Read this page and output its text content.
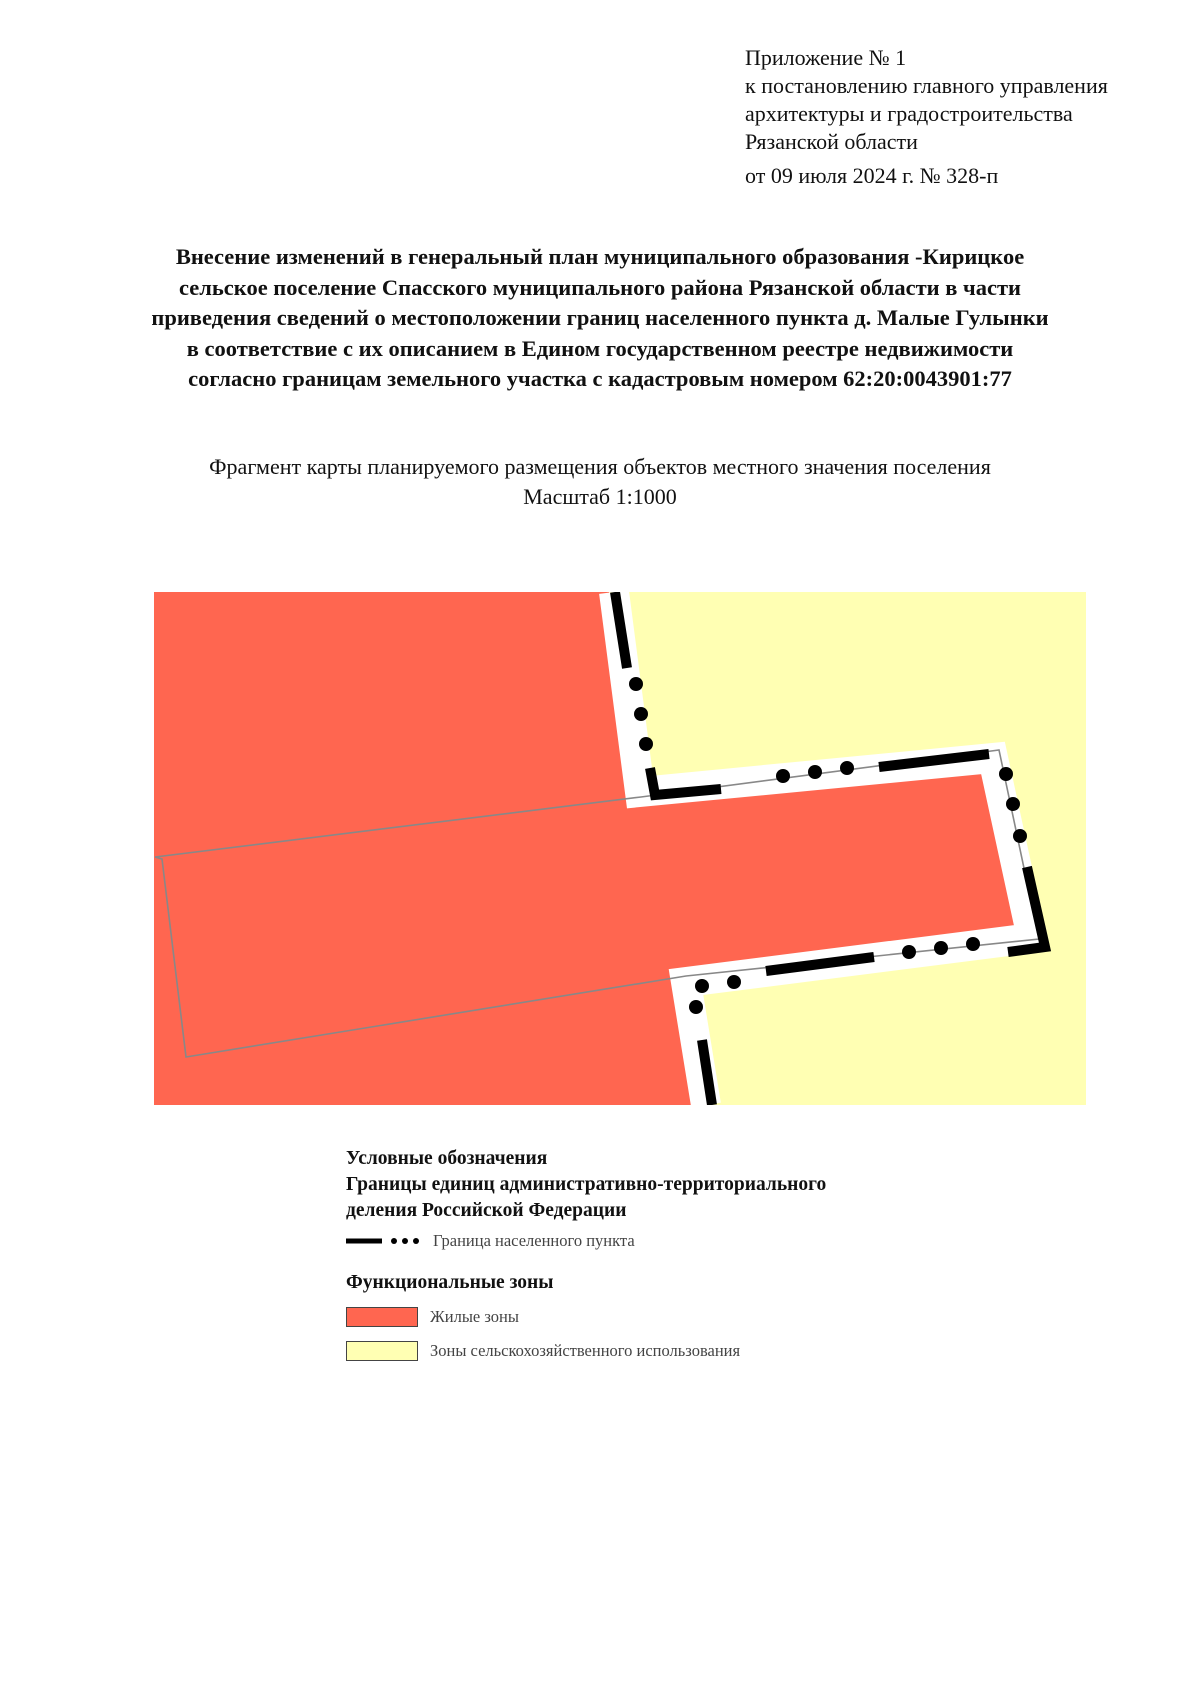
Приложение № 1
к постановлению главного управления
архитектуры и градостроительства
Рязанской области
от 09 июля 2024 г. № 328-п
Внесение изменений в генеральный план муниципального образования -Кирицкое
сельское поселение Спасского муниципального района Рязанской области в части
приведения сведений о местоположении границ населенного пункта д. Малые Гулынки
в соответствие с их описанием в Едином государственном реестре недвижимости
согласно границам земельного участка с кадастровым номером 62:20:0043901:77
Фрагмент карты планируемого размещения объектов местного значения поселения
Масштаб 1:1000
Условные обозначения
Границы единиц административно-территориального
деления Российской Федерации
Граница населенного пункта
Функциональные зоны
Жилые зоны
Зоны сельскохозяйственного использования
